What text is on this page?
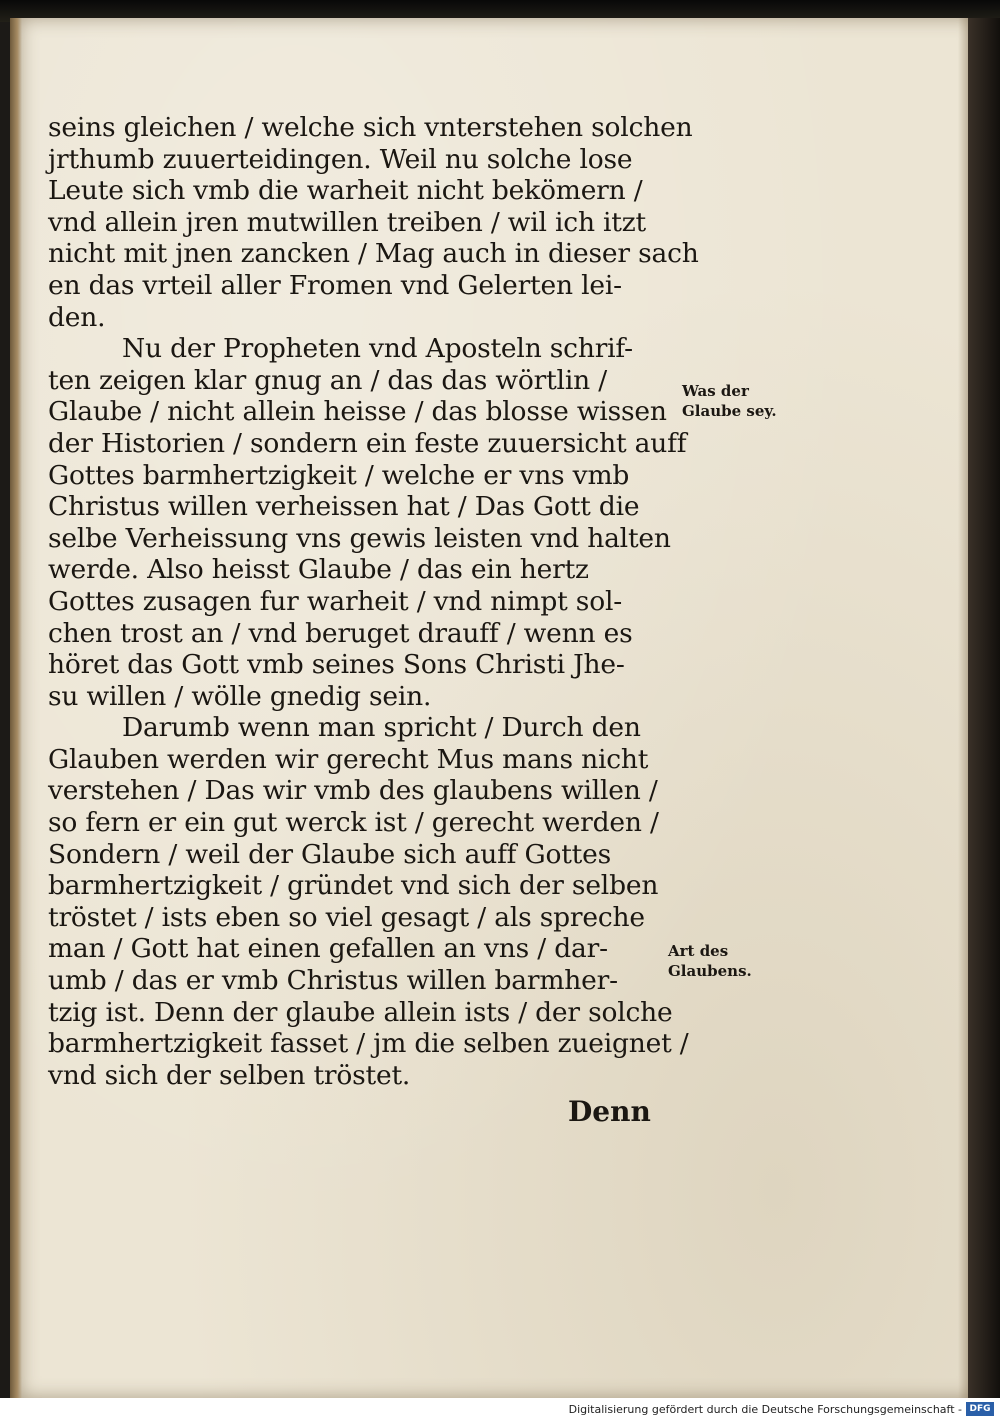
seins gleichen / welche sich vnterstehen solchen
jrthumb zuuerteidingen. Weil nu solche lose
Leute sich vmb die warheit nicht bekömern /
vnd allein jren mutwillen treiben / wil ich itzt
nicht mit jnen zancken / Mag auch in dieser sach
en das vrteil aller Fromen vnd Gelerten lei-
den.
Nu der Propheten vnd Aposteln schrif-
ten zeigen klar gnug an / das das wörtlin /
Glaube / nicht allein heisse / das blosse wissen
der Historien / sondern ein feste zuuersicht auff
Gottes barmhertzigkeit / welche er vns vmb
Christus willen verheissen hat / Das Gott die
selbe Verheissung vns gewis leisten vnd halten
werde. Also heisst Glaube / das ein hertz
Gottes zusagen fur warheit / vnd nimpt sol-
chen trost an / vnd beruget drauff / wenn es
höret das Gott vmb seines Sons Christi Jhe-
su willen / wölle gnedig sein.
Darumb wenn man spricht / Durch den
Glauben werden wir gerecht Mus mans nicht
verstehen / Das wir vmb des glaubens willen /
so fern er ein gut werck ist / gerecht werden /
Sondern / weil der Glaube sich auff Gottes
barmhertzigkeit / gründet vnd sich der selben
tröstet / ists eben so viel gesagt / als spreche
man / Gott hat einen gefallen an vns / dar-
umb / das er vmb Christus willen barmher-
tzig ist. Denn der glaube allein ists / der solche
barmhertzigkeit fasset / jm die selben zueignet /
vnd sich der selben tröstet.
Denn
Was der
Glaube sey.
Art des
Glaubens.
Digitalisierung gefördert durch die Deutsche Forschungsgemeinschaft - DFG
